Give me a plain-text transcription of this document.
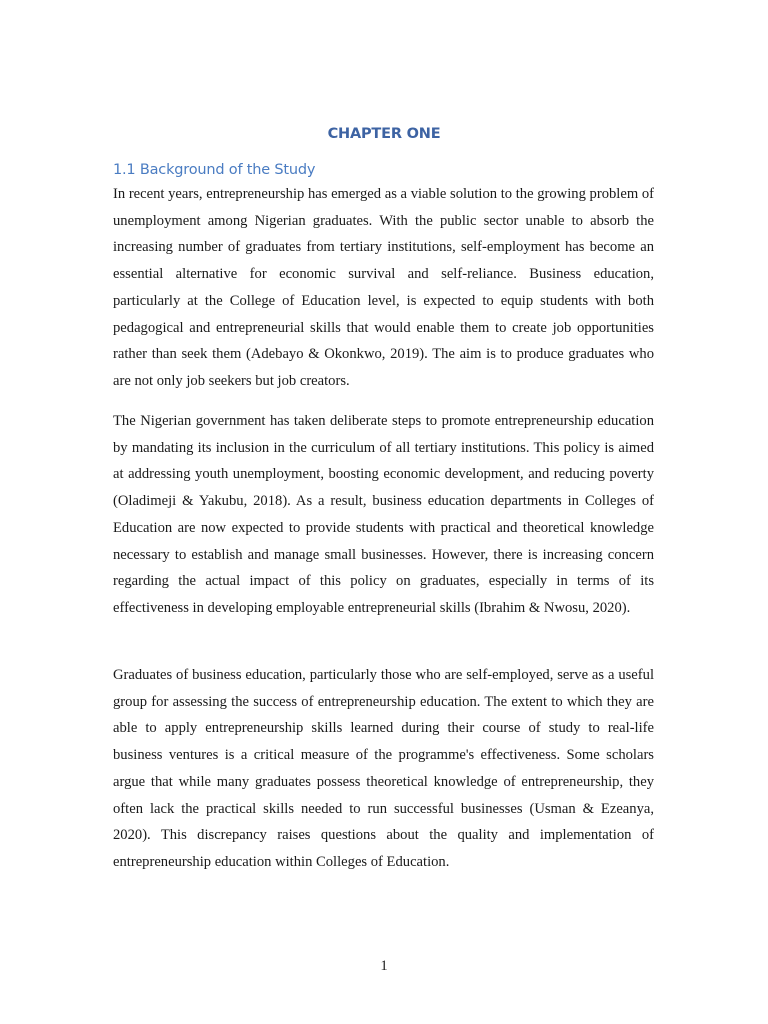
CHAPTER ONE
1.1 Background of the Study

In recent years, entrepreneurship has emerged as a viable solution to the growing problem of unemployment among Nigerian graduates. With the public sector unable to absorb the increasing number of graduates from tertiary institutions, self-employment has become an essential alternative for economic survival and self-reliance. Business education, particularly at the College of Education level, is expected to equip students with both pedagogical and entrepreneurial skills that would enable them to create job opportunities rather than seek them (Adebayo & Okonkwo, 2019). The aim is to produce graduates who are not only job seekers but job creators.

The Nigerian government has taken deliberate steps to promote entrepreneurship education by mandating its inclusion in the curriculum of all tertiary institutions. This policy is aimed at addressing youth unemployment, boosting economic development, and reducing poverty (Oladimeji & Yakubu, 2018). As a result, business education departments in Colleges of Education are now expected to provide students with practical and theoretical knowledge necessary to establish and manage small businesses. However, there is increasing concern regarding the actual impact of this policy on graduates, especially in terms of its effectiveness in developing employable entrepreneurial skills (Ibrahim & Nwosu, 2020).

Graduates of business education, particularly those who are self-employed, serve as a useful group for assessing the success of entrepreneurship education. The extent to which they are able to apply entrepreneurship skills learned during their course of study to real-life business ventures is a critical measure of the programme's effectiveness. Some scholars argue that while many graduates possess theoretical knowledge of entrepreneurship, they often lack the practical skills needed to run successful businesses (Usman & Ezeanya, 2020). This discrepancy raises questions about the quality and implementation of entrepreneurship education within Colleges of Education.

1
